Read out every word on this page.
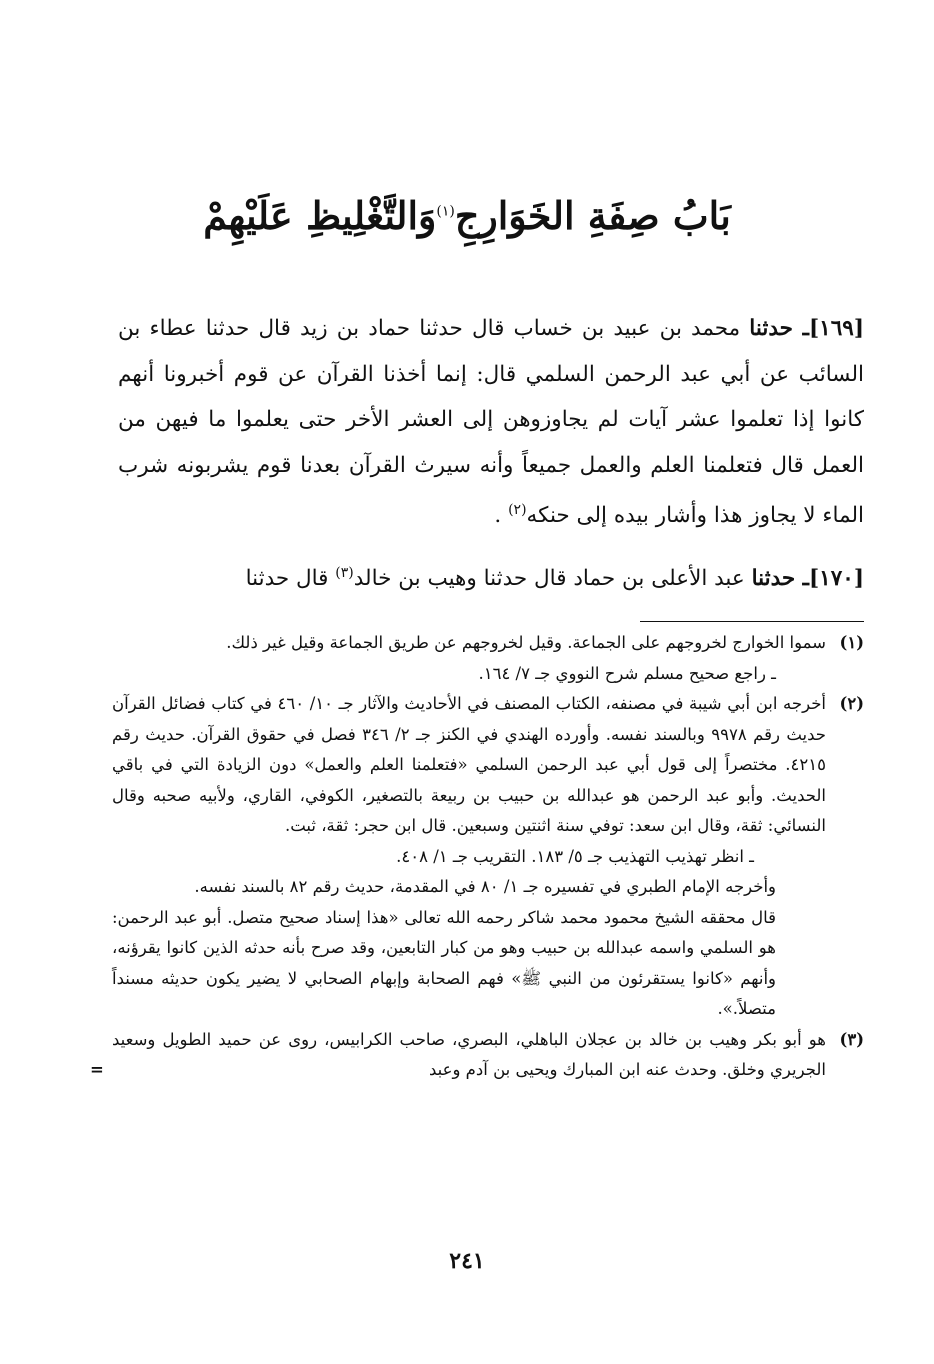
بَابُ صِفَةِ الخَوَارِجِ$^{(١)}$وَالتَّغْلِيظِ عَلَيْهِمْ

[١٦٩]ـ حدثنا محمد بن عبيد بن خساب قال حدثنا حماد بن زيد قال حدثنا عطاء بن السائب عن أبي عبد الرحمن السلمي قال: إنما أخذنا القرآن عن قوم أخبرونا أنهم كانوا إذا تعلموا عشر آيات لم يجاوزوهن إلى العشر الأخر حتى يعلموا ما فيهن من العمل قال فتعلمنا العلم والعمل جميعاً وأنه سيرث القرآن بعدنا قوم يشربونه شرب الماء لا يجاوز هذا وأشار بيده إلى حنكه$^{(٢)}$ .

[١٧٠]ـ حدثنا عبد الأعلى بن حماد قال حدثنا وهيب بن خالد$^{(٣)}$ قال حدثنا

(١)

سموا الخوارج لخروجهم على الجماعة. وقيل لخروجهم عن طريق الجماعة وقيل غير ذلك.

ـ راجع صحيح مسلم شرح النووي جـ ٧/ ١٦٤.

(٢)

أخرجه ابن أبي شيبة في مصنفه، الكتاب المصنف في الأحاديث والآثار جـ ١٠/ ٤٦٠ في كتاب فضائل القرآن حديث رقم ٩٩٧٨ وبالسند نفسه. وأورده الهندي في الكنز جـ ٢/ ٣٤٦ فصل في حقوق القرآن. حديث رقم ٤٢١٥. مختصراً إلى قول أبي عبد الرحمن السلمي «فتعلمنا العلم والعمل» دون الزيادة التي في باقي الحديث. وأبو عبد الرحمن هو عبدالله بن حبيب بن ربيعة بالتصغير، الكوفي، القاري، ولأبيه صحبه وقال النسائي: ثقة، وقال ابن سعد: توفي سنة اثنتين وسبعين. قال ابن حجر: ثقة، ثبت.

ـ انظر تهذيب التهذيب جـ ٥/ ١٨٣. التقريب جـ ١/ ٤٠٨.

وأخرجه الإمام الطبري في تفسيره جـ ١/ ٨٠ في المقدمة، حديث رقم ٨٢ بالسند نفسه.

قال محققه الشيخ محمود محمد شاكر رحمه الله تعالى «هذا إسناد صحيح متصل. أبو عبد الرحمن: هو السلمي واسمه عبدالله بن حبيب وهو من كبار التابعين، وقد صرح بأنه حدثه الذين كانوا يقرؤنه، وأنهم «كانوا يستقرئون من النبي ﷺ» فهم الصحابة وإبهام الصحابي لا يضير يكون حديثه مسنداً متصلاً.».

(٣)

هو أبو بكر وهيب بن خالد بن عجلان الباهلي، البصري، صاحب الكرابيس، روى عن حميد الطويل وسعيد الجريري وخلق. وحدث عنه ابن المبارك ويحيى بن آدم وعبد

=
٢٤١
